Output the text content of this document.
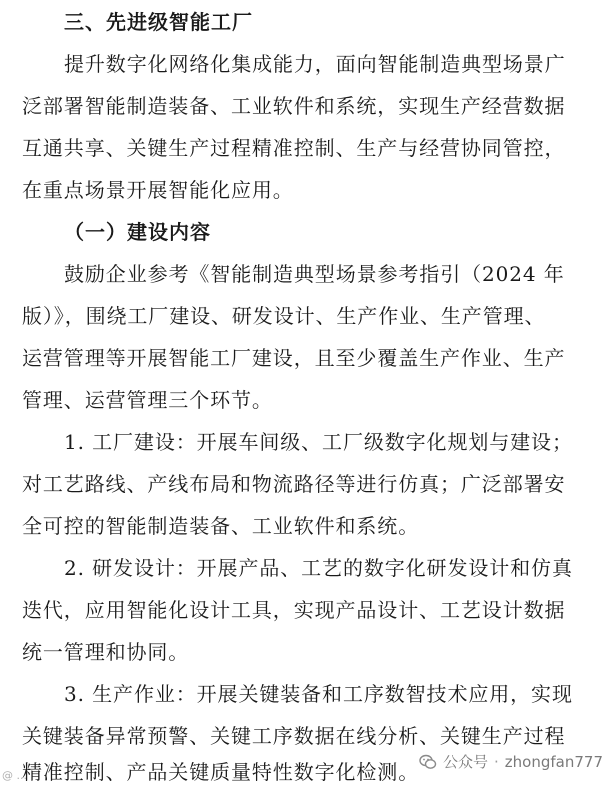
三、先进级智能工厂
提升数字化网络化集成能力，面向智能制造典型场景广
泛部署智能制造装备、工业软件和系统，实现生产经营数据
互通共享、关键生产过程精准控制、生产与经营协同管控，
在重点场景开展智能化应用。
（一）建设内容
鼓励企业参考《智能制造典型场景参考指引（2024 年
版）》，围绕工厂建设、研发设计、生产作业、生产管理、
运营管理等开展智能工厂建设，且至少覆盖生产作业、生产
管理、运营管理三个环节。
1. 工厂建设：开展车间级、工厂级数字化规划与建设；
对工艺路线、产线布局和物流路径等进行仿真；广泛部署安
全可控的智能制造装备、工业软件和系统。
2. 研发设计：开展产品、工艺的数字化研发设计和仿真
迭代，应用智能化设计工具，实现产品设计、工艺设计数据
统一管理和协同。
3. 生产作业：开展关键装备和工序数智技术应用，实现
关键装备异常预警、关键工序数据在线分析、关键生产过程
精准控制、产品关键质量特性数字化检测。
@ ...
公众号 · zhongfan777
